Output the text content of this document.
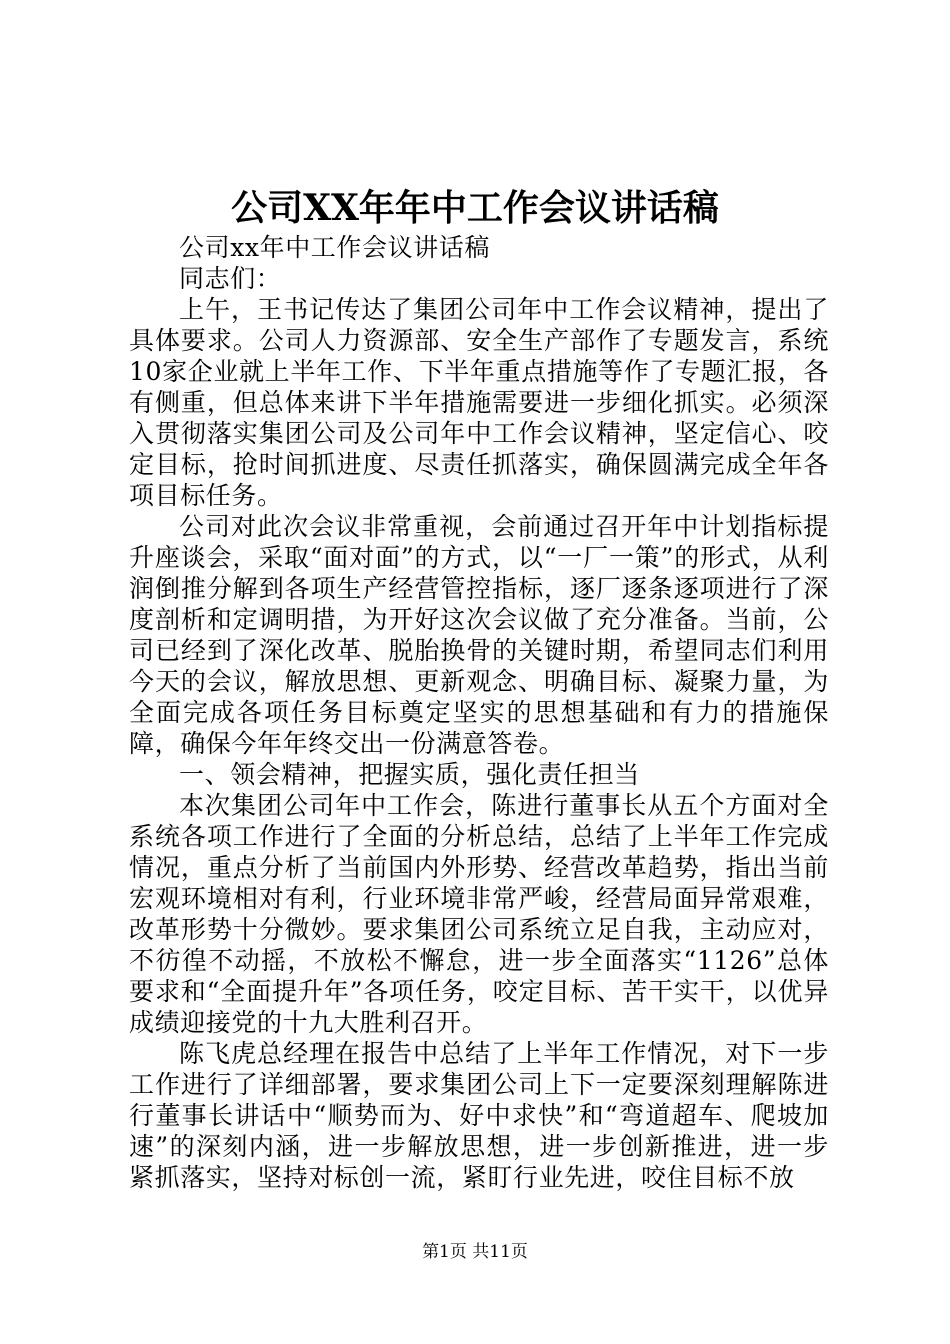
公司XX年年中工作会议讲话稿

公司xx年中工作会议讲话稿

同志们：

上午，王书记传达了集团公司年中工作会议精神，提出了具体要求。公司人力资源部、安全生产部作了专题发言，系统10家企业就上半年工作、下半年重点措施等作了专题汇报，各有侧重，但总体来讲下半年措施需要进一步细化抓实。必须深入贯彻落实集团公司及公司年中工作会议精神，坚定信心、咬定目标，抢时间抓进度、尽责任抓落实，确保圆满完成全年各项目标任务。

公司对此次会议非常重视，会前通过召开年中计划指标提升座谈会，采取“面对面”的方式，以“一厂一策”的形式，从利润倒推分解到各项生产经营管控指标，逐厂逐条逐项进行了深度剖析和定调明措，为开好这次会议做了充分准备。当前，公司已经到了深化改革、脱胎换骨的关键时期，希望同志们利用今天的会议，解放思想、更新观念、明确目标、凝聚力量，为全面完成各项任务目标奠定坚实的思想基础和有力的措施保障，确保今年年终交出一份满意答卷。

一、领会精神，把握实质，强化责任担当

本次集团公司年中工作会，陈进行董事长从五个方面对全系统各项工作进行了全面的分析总结，总结了上半年工作完成情况，重点分析了当前国内外形势、经营改革趋势，指出当前宏观环境相对有利，行业环境非常严峻，经营局面异常艰难，改革形势十分微妙。要求集团公司系统立足自我，主动应对，不彷徨不动摇，不放松不懈怠，进一步全面落实“1126”总体要求和“全面提升年”各项任务，咬定目标、苦干实干，以优异成绩迎接党的十九大胜利召开。

陈飞虎总经理在报告中总结了上半年工作情况，对下一步工作进行了详细部署，要求集团公司上下一定要深刻理解陈进行董事长讲话中“顺势而为、好中求快”和“弯道超车、爬坡加速”的深刻内涵，进一步解放思想，进一步创新推进，进一步紧抓落实，坚持对标创一流，紧盯行业先进，咬住目标不放

第1页 共11页
